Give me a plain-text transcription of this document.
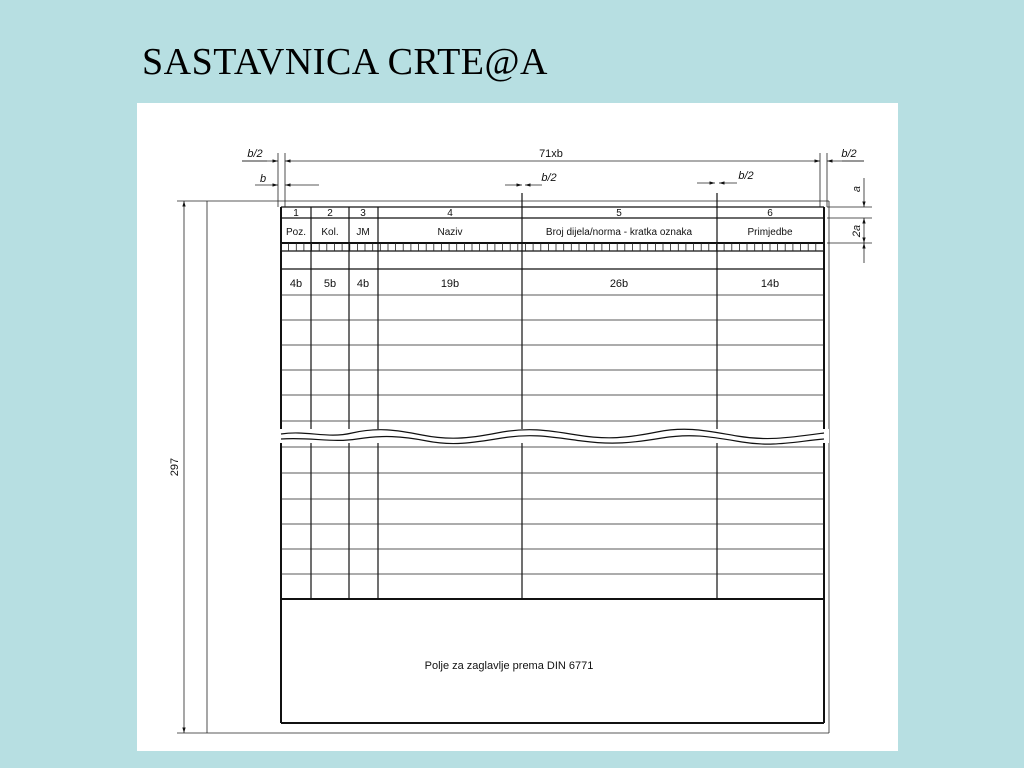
SASTAVNICA CRTE@A
1	2	3	4	5	6
Poz. Kol. JM	Naziv	Broj dijela/norma - kratka oznaka	Primjedbe
4b 5b 4b	19b	26b	14b
Polje za zaglavlje prema DIN 6771
b/2
b
71xb
b/2	b/2
b/2
a
2a
297
